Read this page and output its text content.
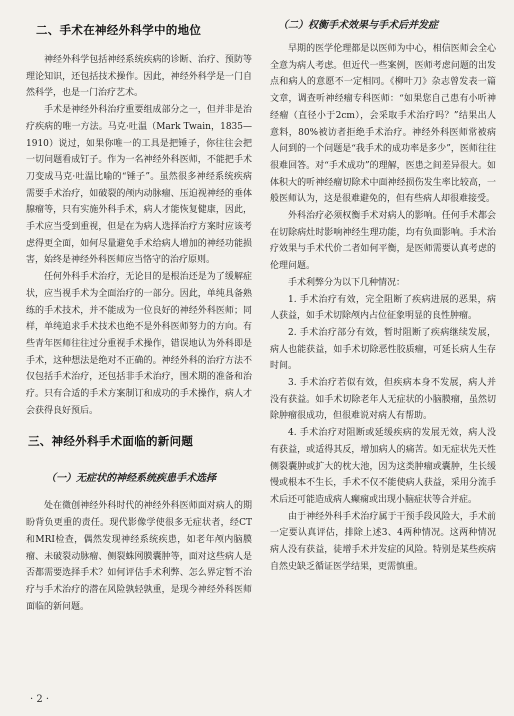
二、手术在神经外科学中的地位

神经外科学包括神经系统疾病的诊断、治疗、预防等理论知识，还包括技术操作。因此，神经外科学是一门自然科学，也是一门治疗艺术。

手术是神经外科治疗重要组成部分之一，但并非是治疗疾病的唯一方法。马克·吐温（Mark Twain，1835—1910）说过，如果你唯一的工具是把锤子，你往往会把一切问题看成钉子。作为一名神经外科医师，不能把手术刀变成马克·吐温比喻的“锤子”。虽然很多神经系统疾病需要手术治疗，如破裂的颅内动脉瘤、压迫视神经的垂体腺瘤等，只有实施外科手术，病人才能恢复健康，因此，手术应当受到重视，但是在为病人选择治疗方案时应该考虑得更全面，如何尽量避免手术给病人增加的神经功能损害，始终是神经外科医师应当恪守的治疗原则。

任何外科手术治疗，无论目的是根治还是为了缓解症状，应当视手术为全面治疗的一部分。因此，单纯具备熟练的手术技术，并不能成为一位良好的神经外科医师；同样，单纯追求手术技术也绝不是外科医师努力的方向。有些青年医师往往过分重视手术操作，错误地认为外科即是手术，这种想法是绝对不正确的。神经外科的治疗方法不仅包括手术治疗，还包括非手术治疗，围术期的准备和治疗。只有合适的手术方案制订和成功的手术操作，病人才会获得良好预后。

三、神经外科手术面临的新问题
（一）无症状的神经系统疾患手术选择

处在微创神经外科时代的神经外科医师面对病人的期盼背负更重的责任。现代影像学使很多无症状者，经CT和MRI检查，偶然发现神经系统疾患，如老年颅内脑膜瘤、未破裂动脉瘤、侧裂蛛网膜囊肿等，面对这些病人是否都需要选择手术？如何评估手术利弊、怎么界定暂不治疗与手术治疗的潜在风险孰轻孰重，是现今神经外科医师面临的新问题。

（二）权衡手术效果与手术后并发症

早期的医学伦理都是以医师为中心，相信医师会全心全意为病人考虑。但近代一些案例，医师考虑问题的出发点和病人的意愿不一定相同。《柳叶刀》杂志曾发表一篇文章，调查听神经瘤专科医师：“如果您自己患有小听神经瘤（直径小于2cm），会采取手术治疗吗？”结果出人意料，80%被访者拒绝手术治疗。神经外科医师常被病人问到的一个问题是“我手术的成功率是多少”，医师往往很难回答。对“手术成功”的理解，医患之间差异很大。如体积大的听神经瘤切除术中面神经损伤发生率比较高，一般医师认为，这是很难避免的，但有些病人却很难接受。

外科治疗必须权衡手术对病人的影响。任何手术都会在切除病灶时影响神经生理功能，均有负面影响。手术治疗效果与手术代价二者如何平衡，是医师需要认真考虑的伦理问题。

手术利弊分为以下几种情况：

1. 手术治疗有效，完全阻断了疾病进展的恶果，病人获益，如手术切除颅内占位征象明显的良性肿瘤。

2. 手术治疗部分有效，暂时阻断了疾病继续发展，病人也能获益，如手术切除恶性胶质瘤，可延长病人生存时间。

3. 手术治疗若似有效，但疾病本身不发展，病人并没有获益。如手术切除老年人无症状的小脑膜瘤，虽然切除肿瘤很成功，但很难说对病人有帮助。

4. 手术治疗对阻断或延缓疾病的发展无效，病人没有获益，或适得其反，增加病人的痛苦。如无症状先天性侧裂囊肿或扩大的枕大池，因为这类肿瘤或囊肿，生长缓慢或根本不生长，手术不仅不能使病人获益，采用分流手术后还可能造成病人癫痫或出现小脑症状等合并症。

由于神经外科手术治疗属于干预手段风险大，手术前一定要认真评估，排除上述3、4两种情况。这两种情况病人没有获益，徒增手术并发症的风险。特别是某些疾病自然史缺乏循证医学结果，更需慎重。

· 2 ·
